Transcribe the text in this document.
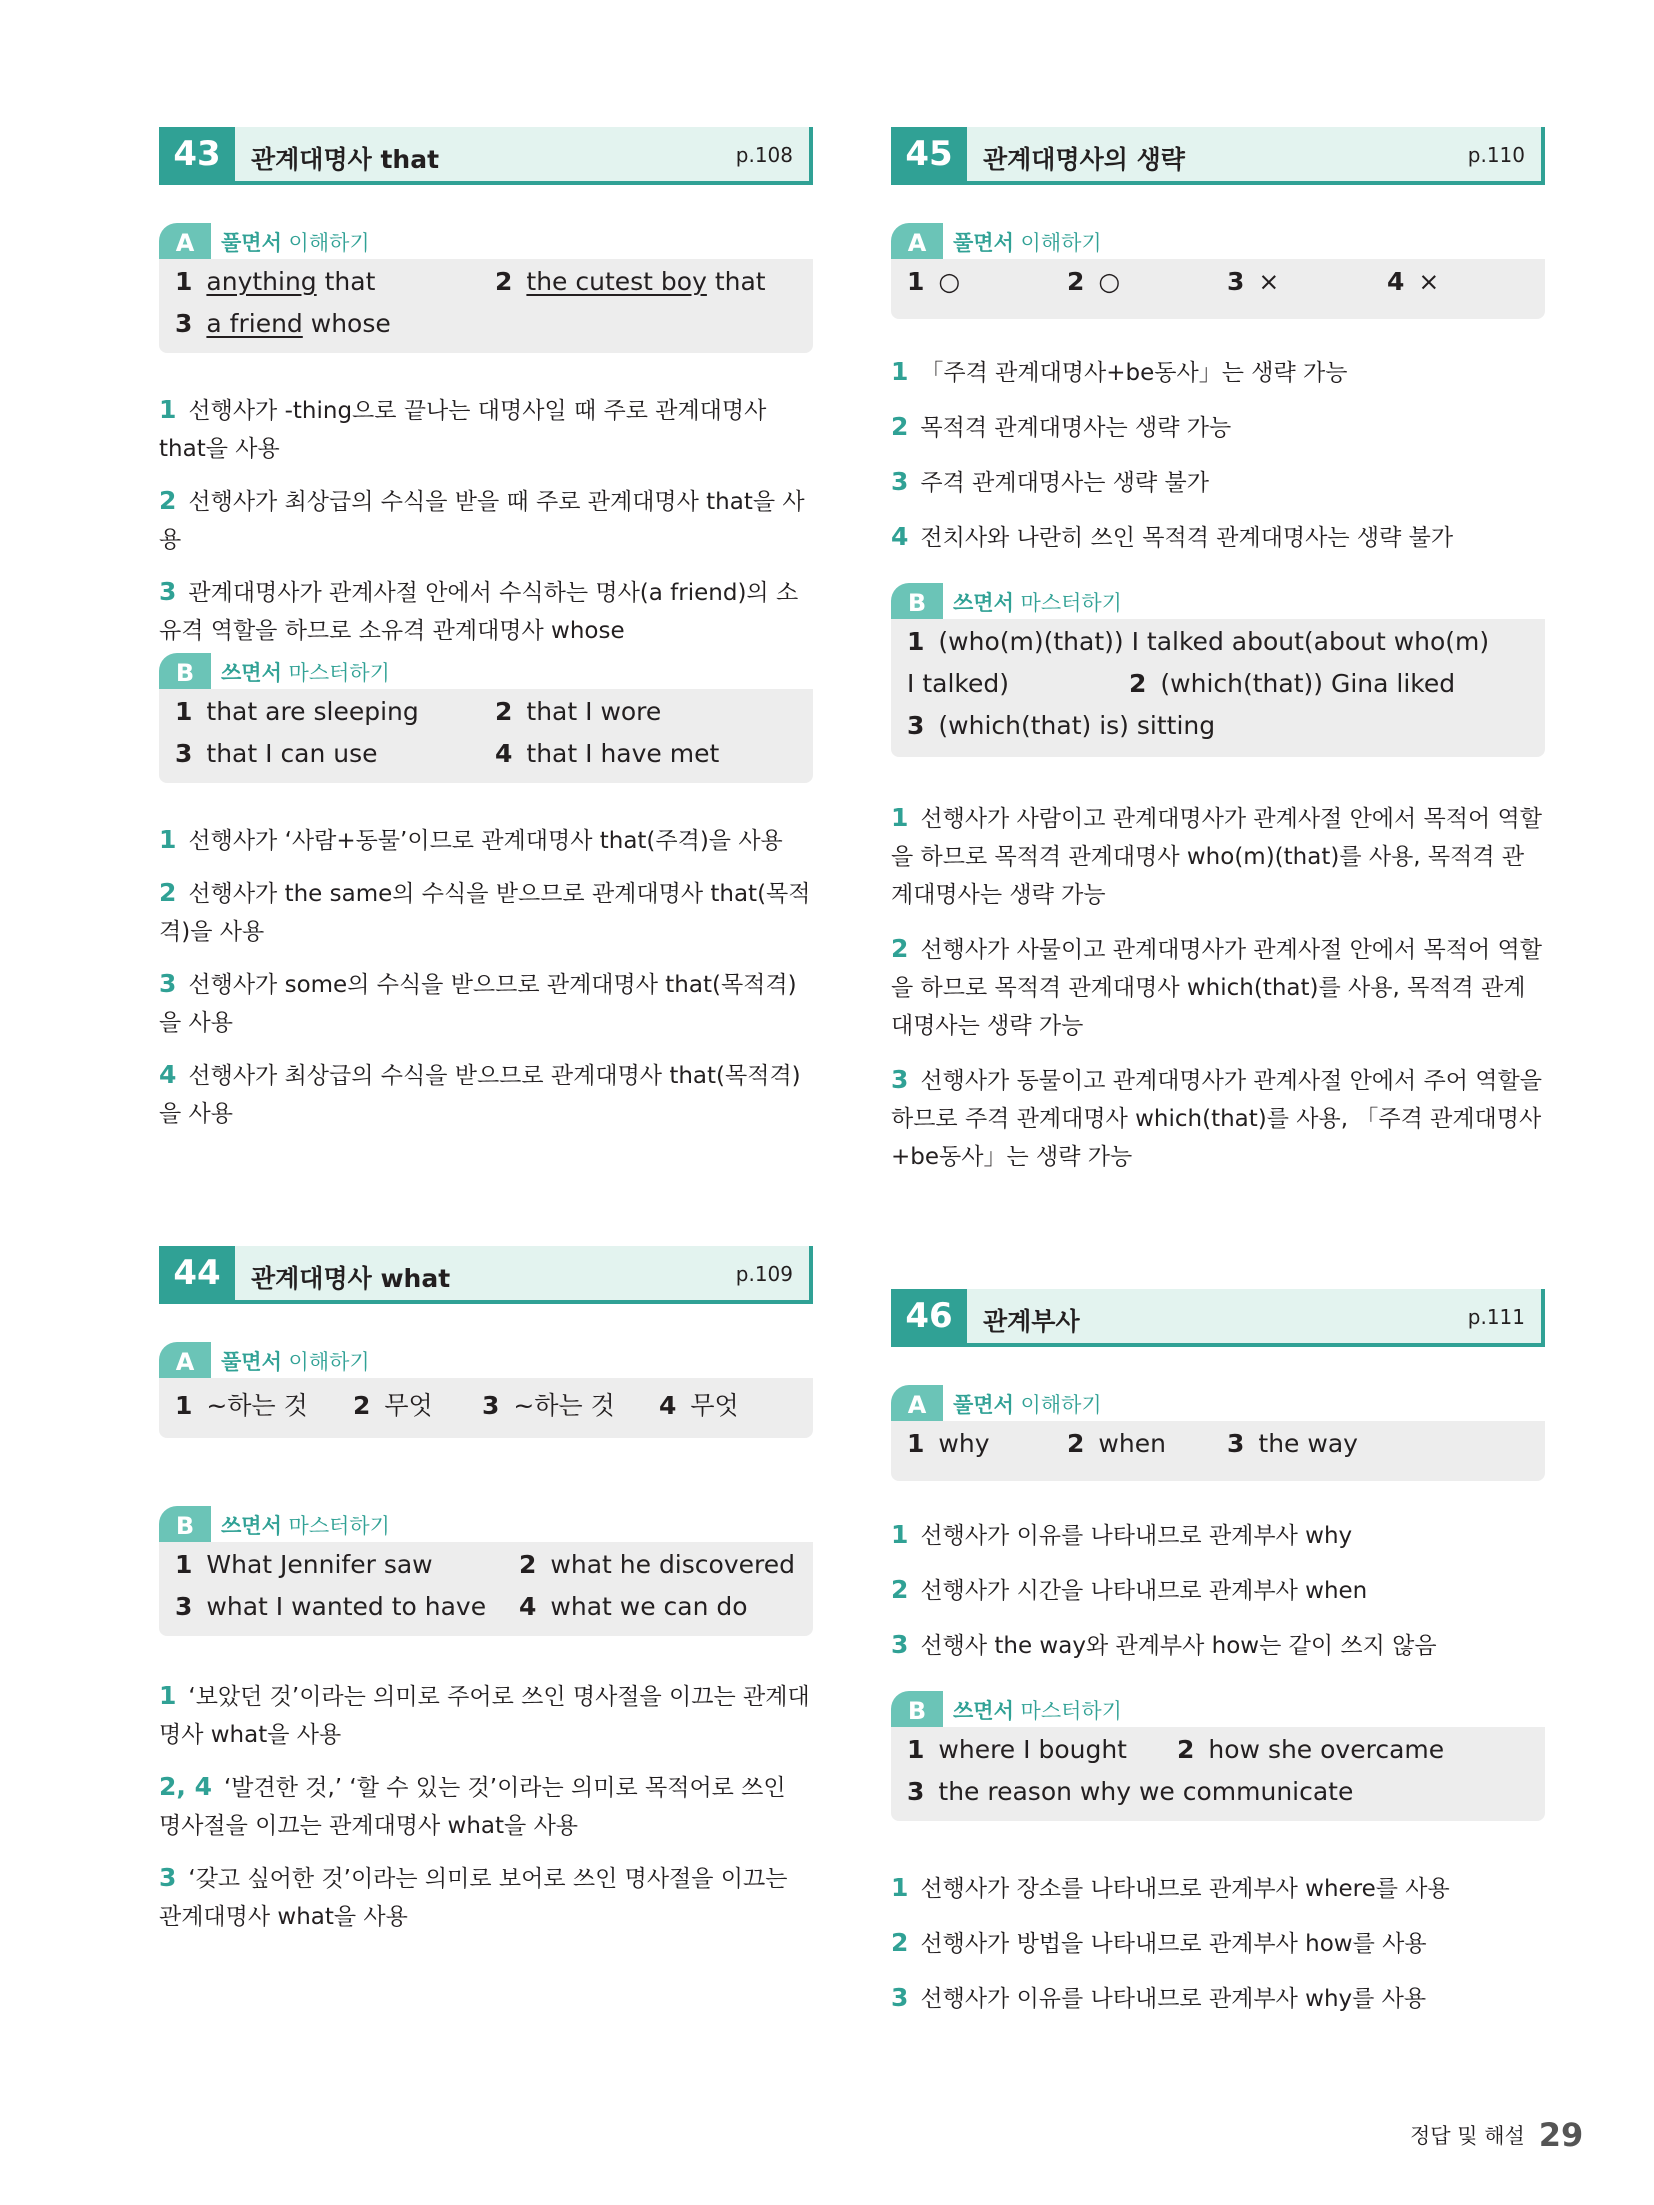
43	관계대명사 that	p.108
A	풀면서 이해하기
1 anything that	2 the cutest boy that
3 a friend whose
1 선행사가 -thing으로 끝나는 대명사일 때 주로 관계대명사 that을 사용
2 선행사가 최상급의 수식을 받을 때 주로 관계대명사 that을 사용
3 관계대명사가 관계사절 안에서 수식하는 명사(a friend)의 소유격 역할을 하므로 소유격 관계대명사 whose
B	쓰면서 마스터하기
1 that are sleeping	2 that I wore
3 that I can use	4 that I have met
1 선행사가 ‘사람+동물’이므로 관계대명사 that(주격)을 사용
2 선행사가 the same의 수식을 받으므로 관계대명사 that(목적격)을 사용
3 선행사가 some의 수식을 받으므로 관계대명사 that(목적격)을 사용
4 선행사가 최상급의 수식을 받으므로 관계대명사 that(목적격)을 사용
44	관계대명사 what	p.109
A	풀면서 이해하기
1 ~하는 것 2 무엇 3 ~하는 것 4 무엇
B	쓰면서 마스터하기
1 What Jennifer saw	2 what he discovered
3 what I wanted to have 4 what we can do
1 ‘보았던 것’이라는 의미로 주어로 쓰인 명사절을 이끄는 관계대명사 what을 사용
2, 4 ‘발견한 것,’ ‘할 수 있는 것’이라는 의미로 목적어로 쓰인 명사절을 이끄는 관계대명사 what을 사용
3 ‘갖고 싶어한 것’이라는 의미로 보어로 쓰인 명사절을 이끄는 관계대명사 what을 사용
45	관계대명사의 생략	p.110
A	풀면서 이해하기
1 ○	2 ○	3 ×	4 ×
1 「주격 관계대명사+be동사」는 생략 가능
2 목적격 관계대명사는 생략 가능
3 주격 관계대명사는 생략 불가
4 전치사와 나란히 쓰인 목적격 관계대명사는 생략 불가
B	쓰면서 마스터하기
1 (who(m)(that)) I talked about(about who(m)
I talked)	2 (which(that)) Gina liked
3 (which(that) is) sitting
1 선행사가 사람이고 관계대명사가 관계사절 안에서 목적어 역할을 하므로 목적격 관계대명사 who(m)(that)를 사용, 목적격 관계대명사는 생략 가능
2 선행사가 사물이고 관계대명사가 관계사절 안에서 목적어 역할을 하므로 목적격 관계대명사 which(that)를 사용, 목적격 관계대명사는 생략 가능
3 선행사가 동물이고 관계대명사가 관계사절 안에서 주어 역할을 하므로 주격 관계대명사 which(that)를 사용, 「주격 관계대명사+be동사」는 생략 가능
46	관계부사	p.111
A	풀면서 이해하기
1 why	2 when 3 the way
1 선행사가 이유를 나타내므로 관계부사 why
2 선행사가 시간을 나타내므로 관계부사 when
3 선행사 the way와 관계부사 how는 같이 쓰지 않음
B	쓰면서 마스터하기
1 where I bought 2 how she overcame
3 the reason why we communicate
1 선행사가 장소를 나타내므로 관계부사 where를 사용
2 선행사가 방법을 나타내므로 관계부사 how를 사용
3 선행사가 이유를 나타내므로 관계부사 why를 사용
정답 및 해설 29
